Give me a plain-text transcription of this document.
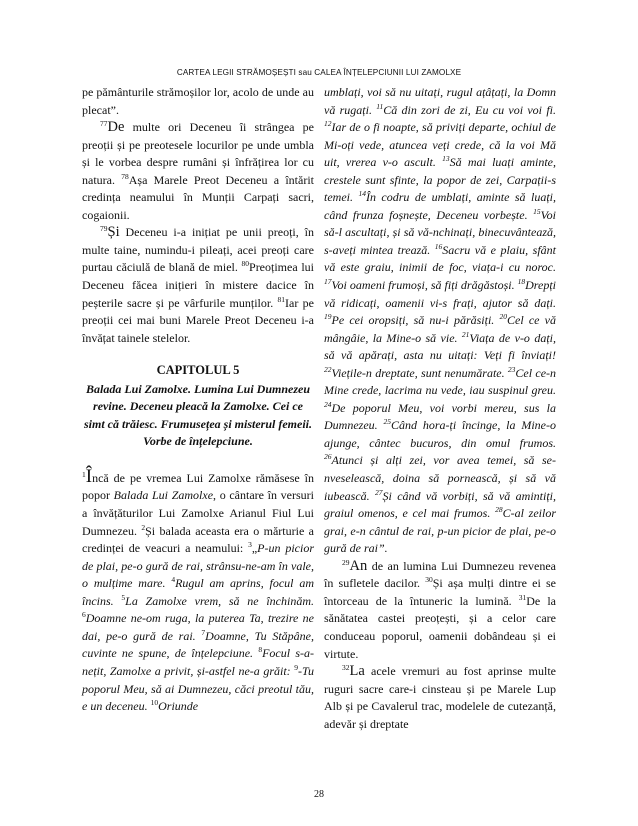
CARTEA LEGII STRĂMOȘEȘTI sau CALEA ÎNȚELEPCIUNII LUI ZAMOLXE

pe pământurile strămoșilor lor, acolo de unde au plecat”.

$^{77}$De multe ori Deceneu îi strângea pe preoții și pe preotesele locurilor pe unde umbla și le vorbea despre rumâni și înfrățirea lor cu natura. $^{78}$Așa Marele Preot Deceneu a întărit credința neamului în Munții Carpați sacri, cogaionii.

$^{79}$Și Deceneu i-a inițiat pe unii preoți, în multe taine, numindu-i pileați, acei preoți care purtau căciulă de blană de miel. $^{80}$Preoțimea lui Deceneu făcea inițieri în mistere dacice în peșterile sacre și pe vârfurile munților. $^{81}$Iar pe preoții cei mai buni Marele Preot Deceneu i-a învățat tainele stelelor.

CAPITOLUL 5
Balada Lui Zamolxe. Lumina Lui Dumnezeu revine. Deceneu pleacă la Zamolxe. Cei ce simt că trăiesc. Frumusețea și misterul femeii. Vorbe de înțelepciune.

$^1$Încă de pe vremea Lui Zamolxe rămăsese în popor Balada Lui Zamolxe, o cântare în versuri a învățăturilor Lui Zamolxe Arianul Fiul Lui Dumnezeu. $^2$Și balada aceasta era o mărturie a credinței de veacuri a neamului: $^3$„P-un picior de plai, pe-o gură de rai, strânsu-ne-am în vale, o mulțime mare. $^4$Rugul am aprins, focul am încins. $^5$La Zamolxe vrem, să ne închinăm. $^6$Doamne ne-om ruga, la puterea Ta, trezire ne dai, pe-o gură de rai. $^7$Doamne, Tu Stăpâne, cuvinte ne spune, de înțelepciune. $^8$Focul s-a-nețit, Zamolxe a privit, și-astfel ne-a grăit: $^9$-Tu poporul Meu, să ai Dumnezeu, căci preotul tău, e un deceneu. $^{10}$Oriunde

umblați, voi să nu uitați, rugul ațâțați, la Domn vă rugați. $^{11}$Că din zori de zi, Eu cu voi voi fi. $^{12}$Iar de o fi noapte, să priviți departe, ochiul de Mi-oți vede, atuncea veți crede, că la voi Mă uit, vrerea v-o ascult. $^{13}$Să mai luați aminte, crestele sunt sfinte, la popor de zei, Carpații-s temei. $^{14}$În codru de umblați, aminte să luați, când frunza foșnește, Deceneu vorbește. $^{15}$Voi să-l ascultați, și să vă-nchinați, binecuvântează, s-aveți mintea trează. $^{16}$Sacru vă e plaiu, sfânt vă este graiu, inimii de foc, viața-i cu noroc. $^{17}$Voi oameni frumoși, să fiți drăgăstoși. $^{18}$Drepți vă ridicați, oamenii vi-s frați, ajutor să dați. $^{19}$Pe cei oropsiți, să nu-i părăsiți. $^{20}$Cel ce vă mângâie, la Mine-o să vie. $^{21}$Viața de v-o dați, să vă apărați, asta nu uitați: Veți fi înviați! $^{22}$Viețile-n dreptate, sunt nenumărate. $^{23}$Cel ce-n Mine crede, lacrima nu vede, iau suspinul greu. $^{24}$De poporul Meu, voi vorbi mereu, sus la Dumnezeu. $^{25}$Când hora-ți încinge, la Mine-o ajunge, cântec bucuros, din omul frumos. $^{26}$Atunci și alți zei, vor avea temei, să se-nveselească, doina să pornească, și să vă iubească. $^{27}$Și când vă vorbiți, să vă amintiți, graiul omenos, e cel mai frumos. $^{28}$C-al zeilor grai, e-n cântul de rai, p-un picior de plai, pe-o gură de rai”.

$^{29}$An de an lumina Lui Dumnezeu revenea în sufletele dacilor. $^{30}$Și așa mulți dintre ei se întorceau de la întuneric la lumină. $^{31}$De la sănătatea castei preoțești, și a celor care conduceau poporul, oamenii dobândeau și ei virtute.

$^{32}$La acele vremuri au fost aprinse multe ruguri sacre care-i cinsteau și pe Marele Lup Alb și pe Cavalerul trac, modelele de cutezanță, adevăr și dreptate

28
